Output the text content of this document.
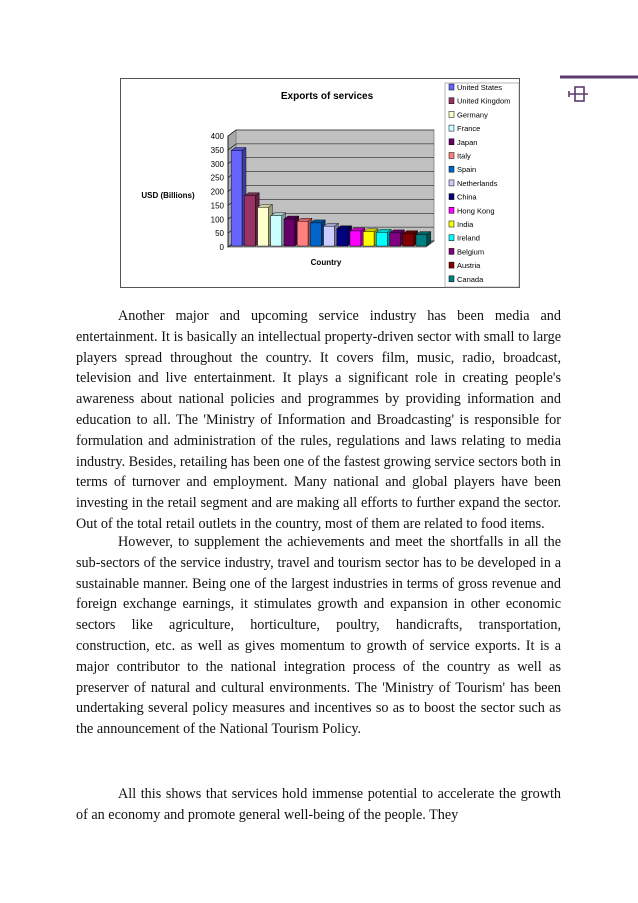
0
50
100
150
200
250
300
350
400
Exports of services
USD (Billions)
Country
United States
United Kingdom
Germany
France
Japan
Italy
Spain
Netherlands
China
Hong Kong
India
Ireland
Belgium
Austria
Canada

Another major and upcoming service industry has been media and entertainment. It is basically an intellectual property-driven sector with small to large players spread throughout the country. It covers film, music, radio, broadcast, television and live entertainment. It plays a significant role in creating people's awareness about national policies and programmes by providing information and education to all. The 'Ministry of Information and Broadcasting' is responsible for formulation and administration of the rules, regulations and laws relating to media industry. Besides, retailing has been one of the fastest growing service sectors both in terms of turnover and employment. Many national and global players have been investing in the retail segment and are making all efforts to further expand the sector. Out of the total retail outlets in the country, most of them are related to food items.

However, to supplement the achievements and meet the shortfalls in all the sub-sectors of the service industry, travel and tourism sector has to be developed in a sustainable manner. Being one of the largest industries in terms of gross revenue and foreign exchange earnings, it stimulates growth and expansion in other economic sectors like agriculture, horticulture, poultry, handicrafts, transportation, construction, etc. as well as gives momentum to growth of service exports. It is a major contributor to the national integration process of the country as well as preserver of natural and cultural environments. The 'Ministry of Tourism' has been undertaking several policy measures and incentives so as to boost the sector such as the announcement of the National Tourism Policy.

All this shows that services hold immense potential to accelerate the growth of an economy and promote general well-being of the people. They
